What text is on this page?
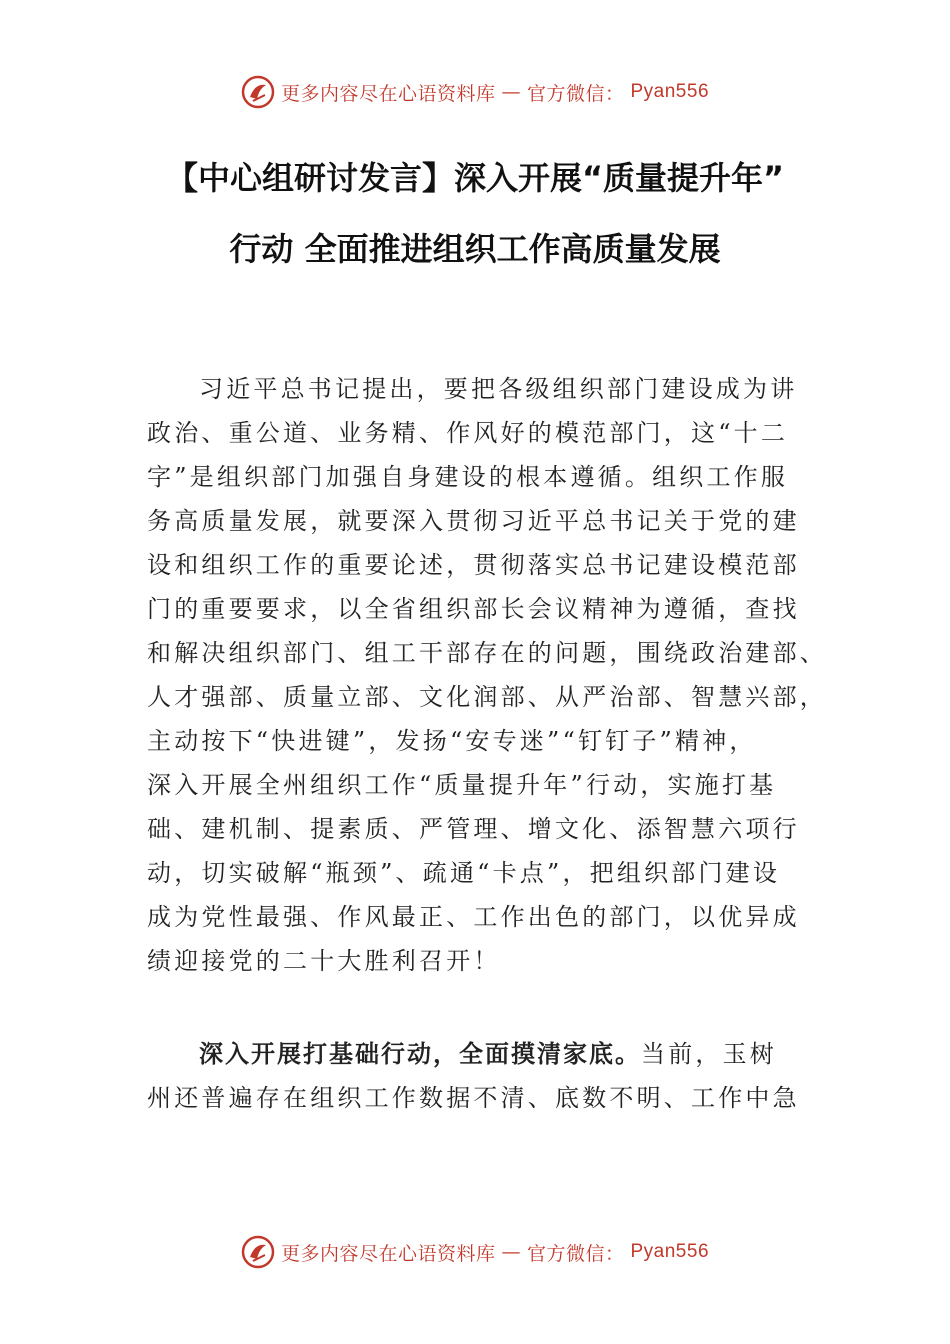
更多内容尽在心语资料库 — 官方微信： Pyan556
【中心组研讨发言】深入开展“质量提升年”
行动 全面推进组织工作高质量发展
习近平总书记提出，要把各级组织部门建设成为讲
政治、重公道、业务精、作风好的模范部门，这“十二
字”是组织部门加强自身建设的根本遵循。组织工作服
务高质量发展，就要深入贯彻习近平总书记关于党的建
设和组织工作的重要论述，贯彻落实总书记建设模范部
门的重要要求，以全省组织部长会议精神为遵循，查找
和解决组织部门、组工干部存在的问题，围绕政治建部、
人才强部、质量立部、文化润部、从严治部、智慧兴部，
主动按下“快进键”，发扬“安专迷”“钉钉子”精神，
深入开展全州组织工作“质量提升年”行动，实施打基
础、建机制、提素质、严管理、增文化、添智慧六项行
动，切实破解“瓶颈”、疏通“卡点”，把组织部门建设
成为党性最强、作风最正、工作出色的部门，以优异成
绩迎接党的二十大胜利召开！
深入开展打基础行动，全面摸清家底。当前，玉树
州还普遍存在组织工作数据不清、底数不明、工作中急
更多内容尽在心语资料库 — 官方微信： Pyan556
